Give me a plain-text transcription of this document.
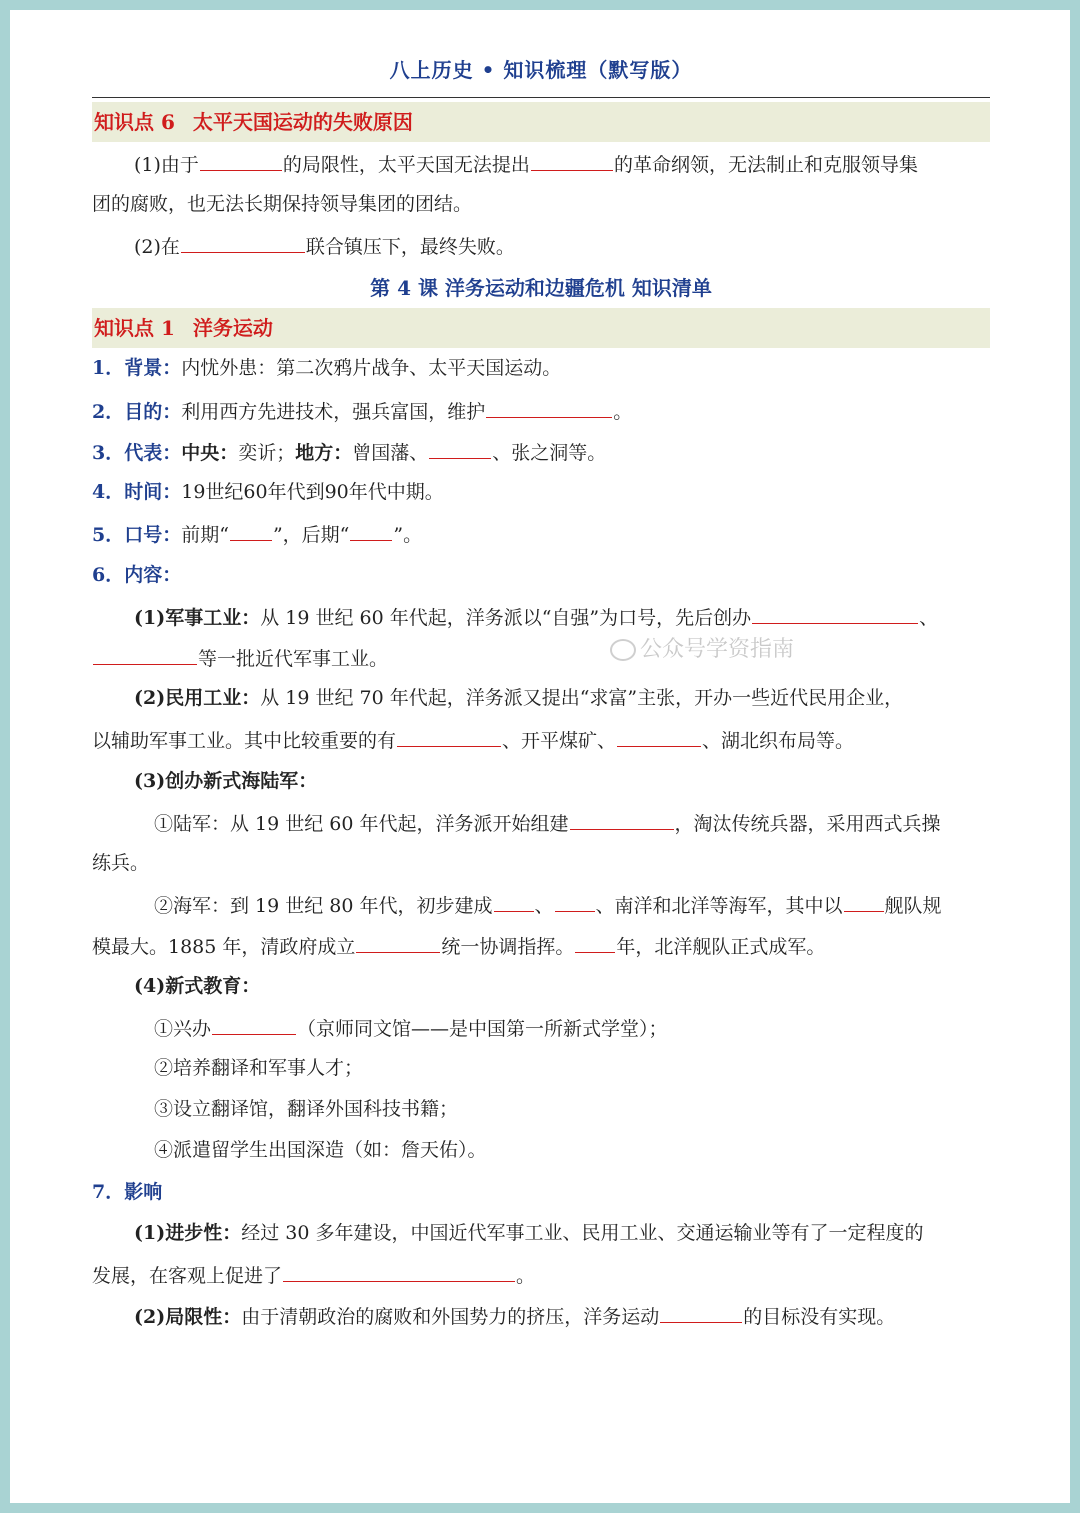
八上历史 • 知识梳理（默写版）
知识点 6 太平天国运动的失败原因
(1)由于	的局限性，太平天国无法提出	的革命纲领，无法制止和克服领导集
团的腐败，也无法长期保持领导集团的团结。
(2)在	联合镇压下，最终失败。
第 4 课 洋务运动和边疆危机 知识清单
知识点 1 洋务运动
1．背景：内忧外患：第二次鸦片战争、太平天国运动。
2．目的：利用西方先进技术，强兵富国，维护	。
3．代表：中央：奕䜣；地方：曾国藩、	、张之洞等。
4．时间：19世纪60年代到90年代中期。
5．口号：前期“ ”，后期“ ”。
6．内容：
(1)军事工业：从 19 世纪 60 年代起，洋务派以“自强”为口号，先后创办	、
等一批近代军事工业。
(2)民用工业：从 19 世纪 70 年代起，洋务派又提出“求富”主张，开办一些近代民用企业，
以辅助军事工业。其中比较重要的有	、开平煤矿、	、湖北织布局等。
(3)创办新式海陆军：
①陆军：从 19 世纪 60 年代起，洋务派开始组建	，淘汰传统兵器，采用西式兵操
练兵。
②海军：到 19 世纪 80 年代，初步建成 、 、南洋和北洋等海军，其中以 舰队规
模最大。1885 年，清政府成立	统一协调指挥。 年，北洋舰队正式成军。
(4)新式教育：
①兴办	（京师同文馆——是中国第一所新式学堂）；
②培养翻译和军事人才；
③设立翻译馆，翻译外国科技书籍；
④派遣留学生出国深造（如：詹天佑）。
7．影响
(1)进步性：经过 30 多年建设，中国近代军事工业、民用工业、交通运输业等有了一定程度的
发展，在客观上促进了	。
(2)局限性：由于清朝政治的腐败和外国势力的挤压，洋务运动	的目标没有实现。
公众号学资指南
